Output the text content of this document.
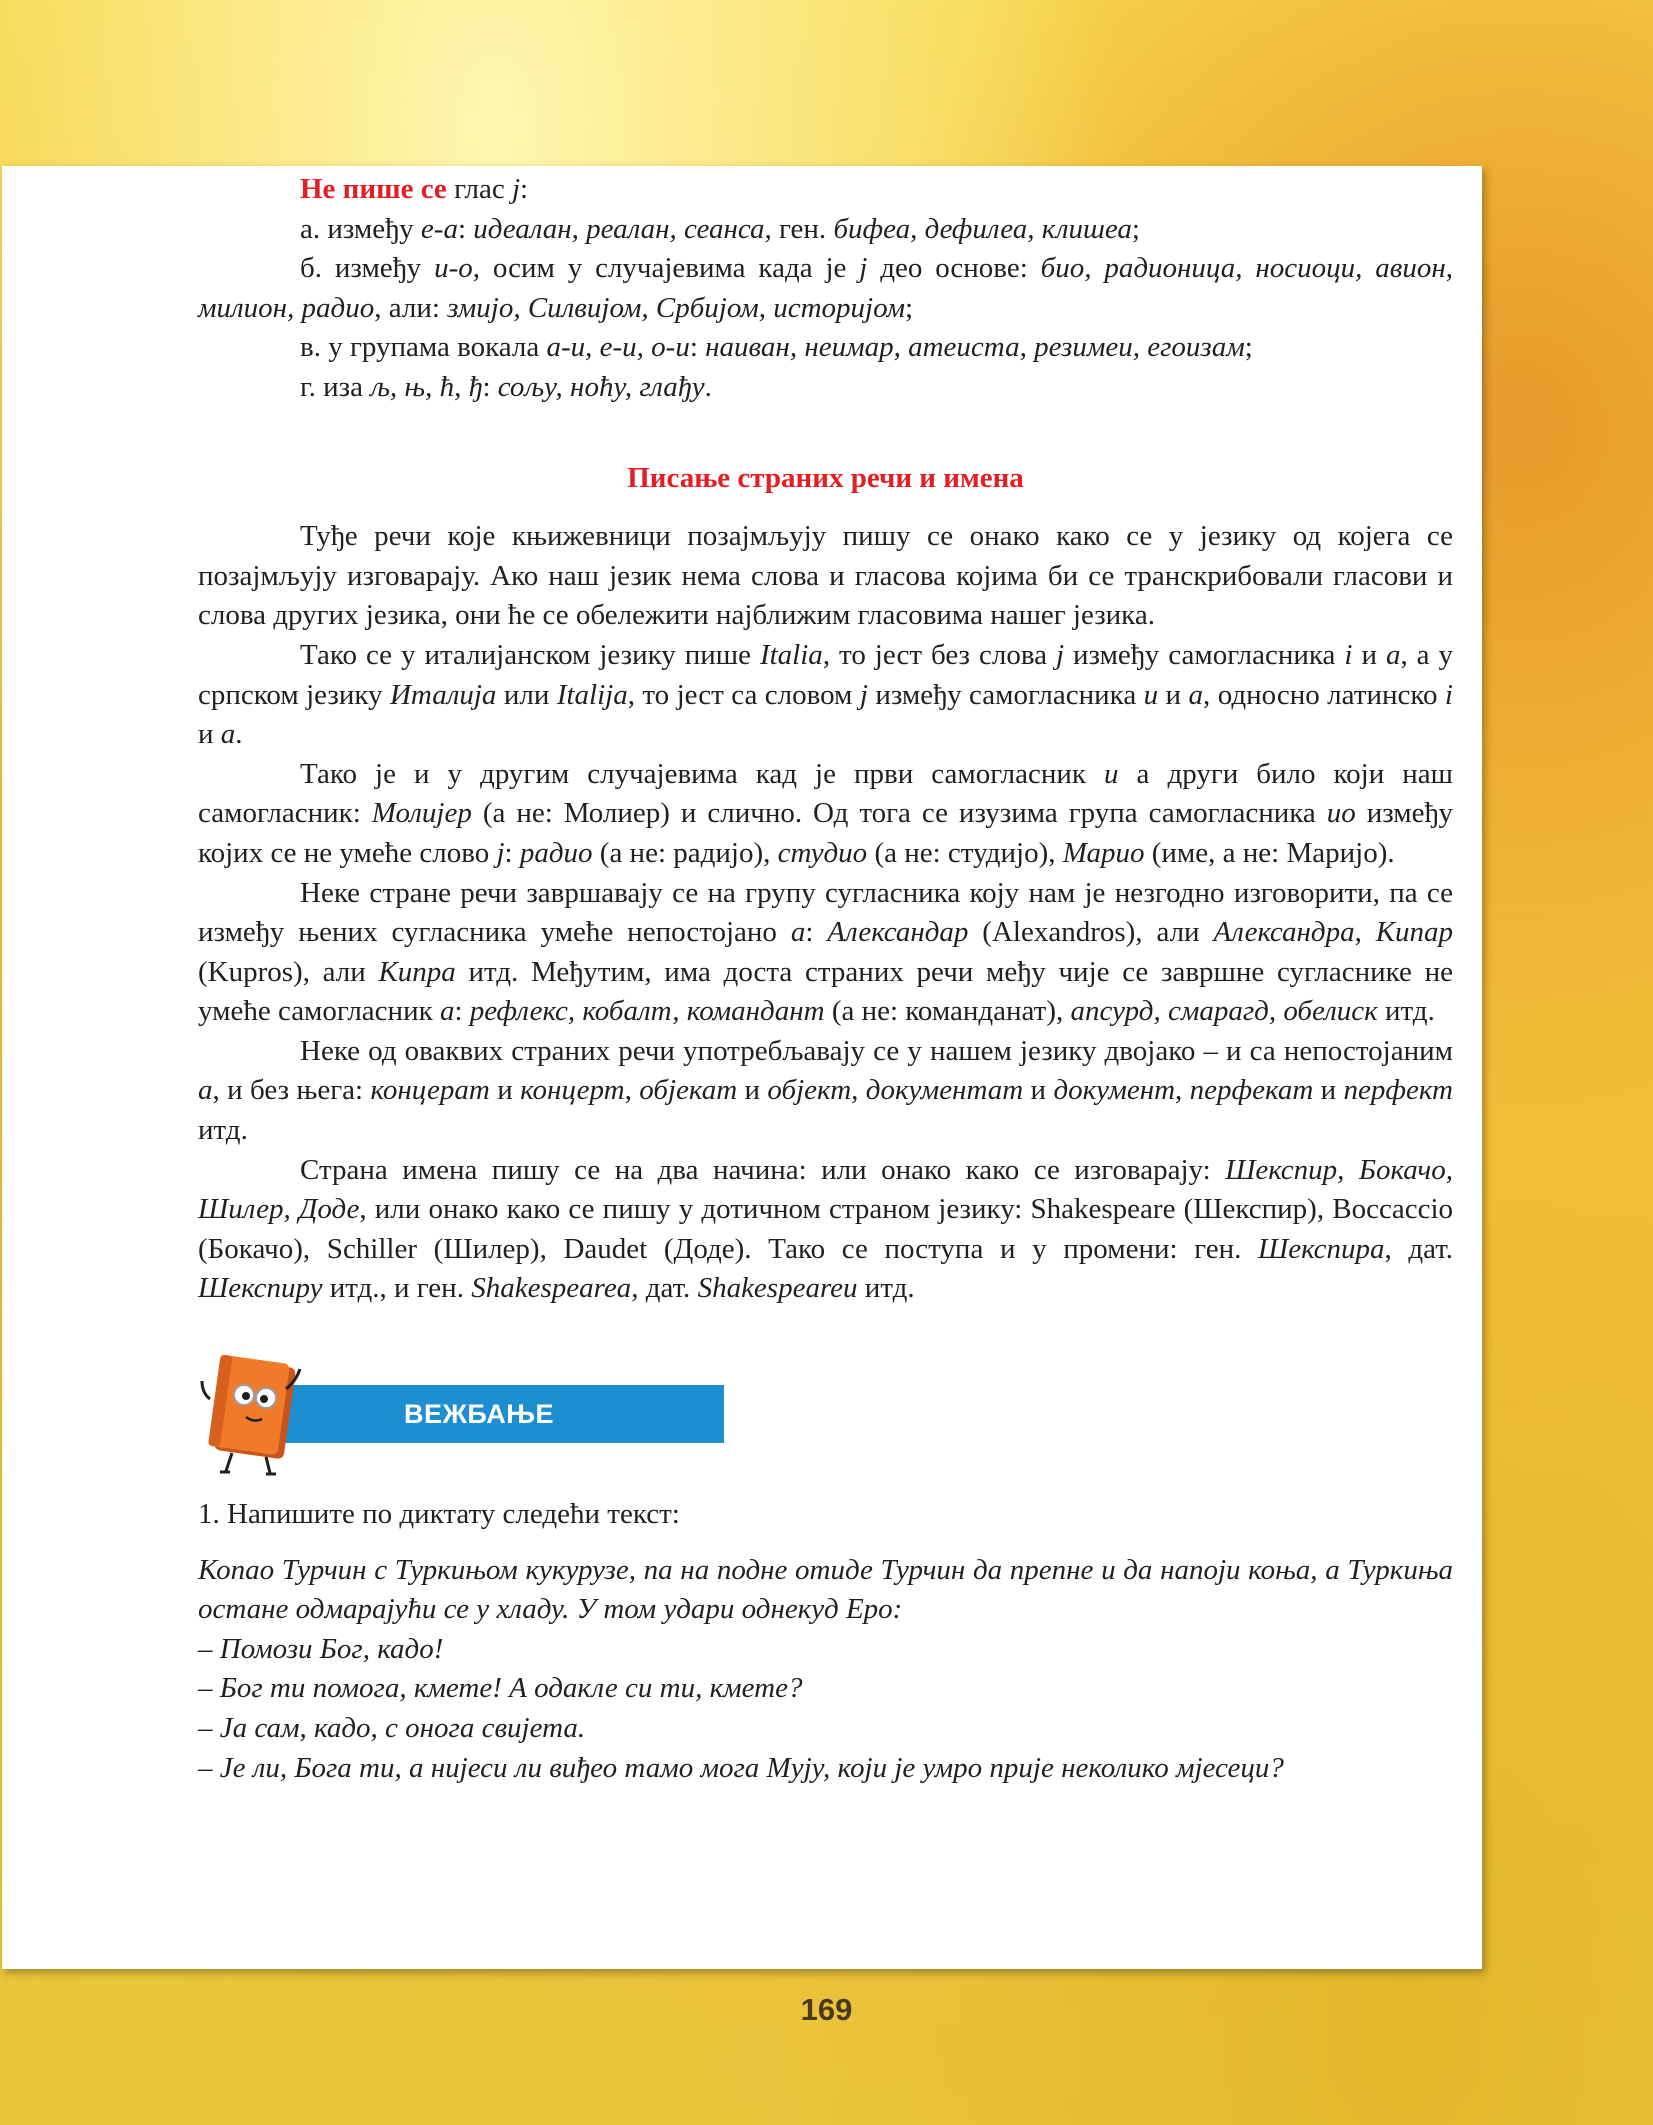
Не пише се глас ј:

а. између е-а: идеалан, реалан, сеанса, ген. бифеа, дефилеа, клишеа;

б. између и-о, осим у случајевима када је ј део основе: био, радионица, носиоци, авион, милион, радио, али: змијо, Силвијом, Србијом, историјом;

в. у групама вокала а-и, е-и, о-и: наиван, неимар, атеиста, резимеи, егоизам;

г. иза љ, њ, ћ, ђ: сољу, ноћу, глађу.

Писање страних речи и имена

Туђе речи које књижевници позајмљују пишу се онако како се у језику од којега се позајмљују изговарају. Ако наш језик нема слова и гласова којима би се транскрибовали гласови и слова других језика, они ће се обележити најближим гласовима нашег језика.

Тако се у италијанском језику пише Italia, то јест без слова ј између самогласника i и a, а у српском језику Италија или Italija, то јест са словом ј између самогласника и и а, односно латинско i и a.

Тако је и у другим случајевима кад је први самогласник и а други било који наш самогласник: Молијер (а не: Молиер) и слично. Од тога се изузима група самогласника ио између којих се не умеће слово ј: радио (а не: радијо), студио (а не: студијо), Марио (име, а не: Маријо).

Неке стране речи завршавају се на групу сугласника коју нам је незгодно изговорити, па се између њених сугласника умеће непостојано а: Александар (Alexandros), али Александра, Кипар (Kupros), али Кипра итд. Међутим, има доста страних речи међу чије се завршне сугласнике не умеће самогласник а: рефлекс, кобалт, командант (а не: команданат), апсурд, смарагд, обелиск итд.

Неке од оваквих страних речи употребљавају се у нашем језику двојако – и са непостојаним а, и без њега: концерат и концерт, објекат и објект, документат и документ, перфекат и перфект итд.

Страна имена пишу се на два начина: или онако како се изговарају: Шекспир, Бокачо, Шилер, Доде, или онако како се пишу у дотичном страном језику: Shakespeare (Шекспир), Boccaccio (Бокачо), Schiller (Шилер), Daudet (Доде). Тако се поступа и у промени: ген. Шекспира, дат. Шекспиру итд., и ген. Shakespearea, дат. Shakespeareu итд.

ВЕЖБАЊЕ

1. Напишите по диктату следећи текст:

Копао Турчин с Туркињом кукурузе, па на подне отиде Турчин да препне и да напоји коња, а Туркиња остане одмарајући се у хладу. У том удари однекуд Еро:

– Помози Бог, кадо!

– Бог ти помога, кмете! А одакле си ти, кмете?

– Ја сам, кадо, с онога свијета.

– Је ли, Бога ти, а нијеси ли виђео тамо мога Мују, који је умро прије неколико мјесеци?

169
